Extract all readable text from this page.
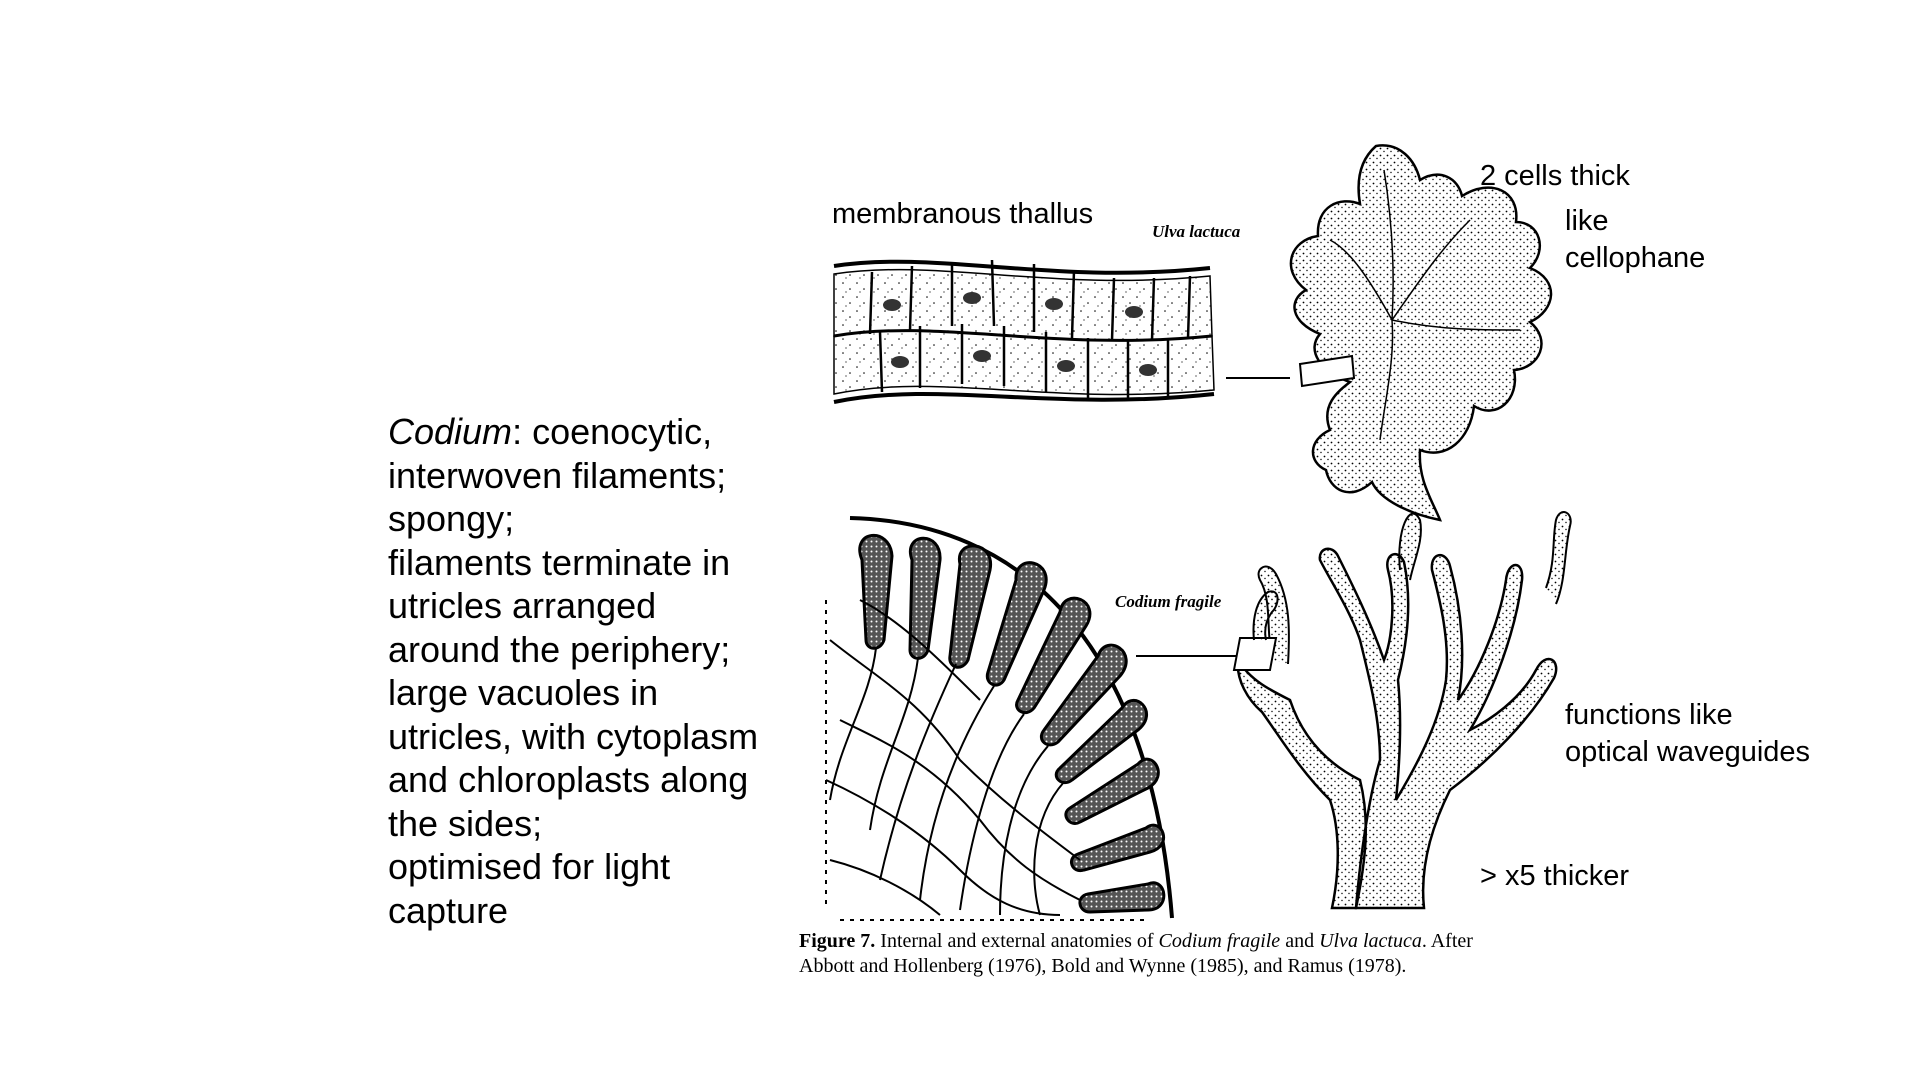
Codium: coenocytic,
interwoven filaments;
spongy;
filaments terminate in
utricles arranged
around the periphery;
large vacuoles in
utricles, with cytoplasm
and chloroplasts along
the sides;
optimised for light
capture
membranous thallus
2 cells thick
like
cellophane
functions like
optical waveguides
> x5 thicker
Ulva lactuca
Codium fragile
Figure 7. Internal and external anatomies of Codium fragile and Ulva lactuca. After
Abbott and Hollenberg (1976), Bold and Wynne (1985), and Ramus (1978).
